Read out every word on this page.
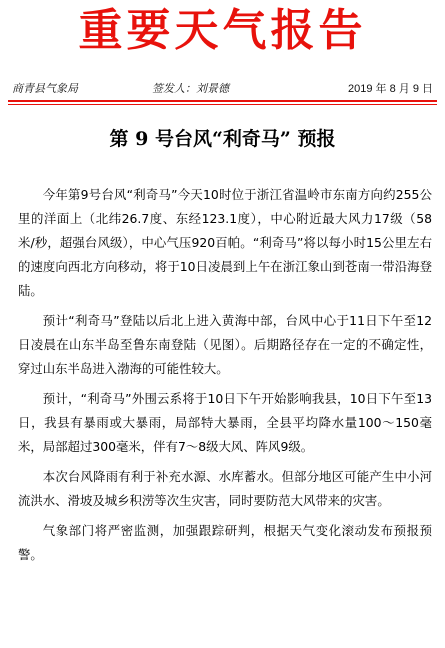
重要天气报告
商青县气象局	签发人：刘景德	2019 年 8 月 9 日
第 9 号台风“利奇马” 预报

今年第9号台风“利奇马”今天10时位于浙江省温岭市东南方向约255公里的洋面上（北纬26.7度、东经123.1度），中心附近最大风力17级（58米/秒，超强台风级），中心气压920百帕。“利奇马”将以每小时15公里左右的速度向西北方向移动，将于10日凌晨到上午在浙江象山到苍南一带沿海登陆。

预计“利奇马”登陆以后北上进入黄海中部，台风中心于11日下午至12日凌晨在山东半岛至鲁东南登陆（见图）。后期路径存在一定的不确定性，穿过山东半岛进入渤海的可能性较大。

预计，“利奇马”外围云系将于10日下午开始影响我县，10日下午至13日，我县有暴雨或大暴雨，局部特大暴雨，全县平均降水量100～150毫米，局部超过300毫米，伴有7～8级大风、阵风9级。

本次台风降雨有利于补充水源、水库蓄水。但部分地区可能产生中小河流洪水、滑坡及城乡积涝等次生灾害，同时要防范大风带来的灾害。

气象部门将严密监测，加强跟踪研判，根据天气变化滚动发布预报预警。
